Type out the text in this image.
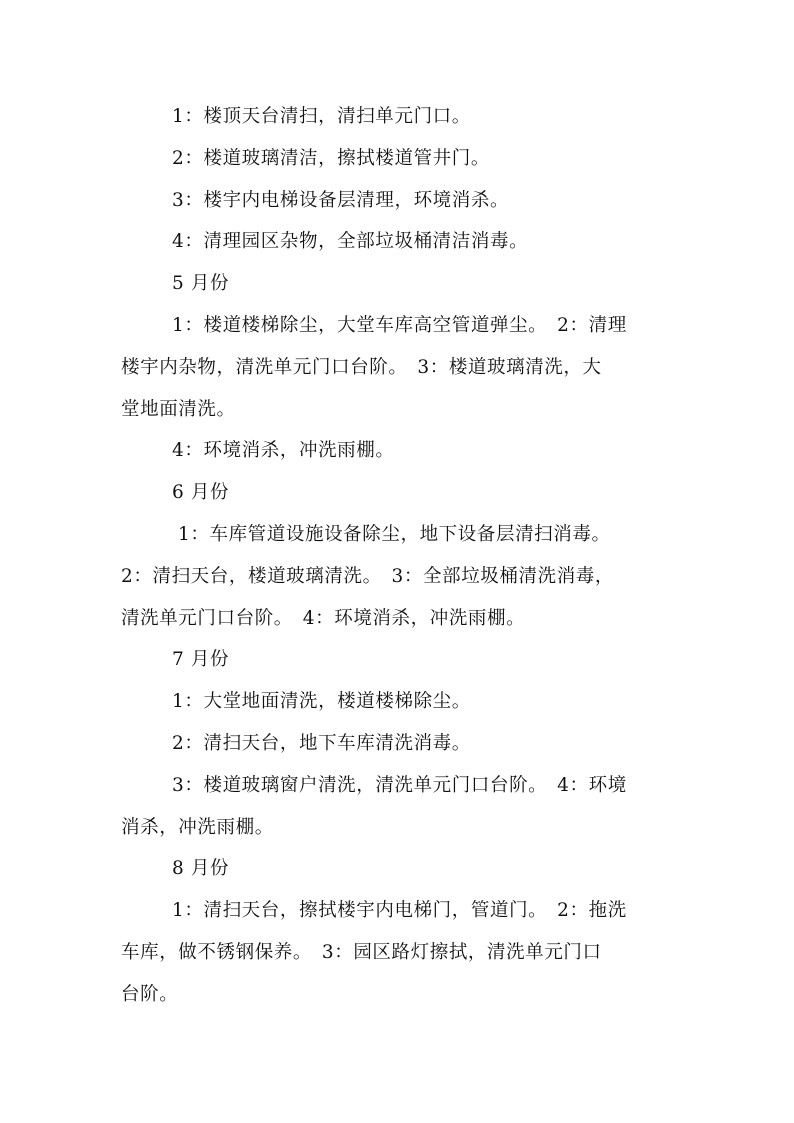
1：楼顶天台清扫，清扫单元门口。

2：楼道玻璃清洁，擦拭楼道管井门。

3：楼宇内电梯设备层清理，环境消杀。

4：清理园区杂物，全部垃圾桶清洁消毒。

5 月份

1：楼道楼梯除尘，大堂车库高空管道弹尘。　2：清理

楼宇内杂物，清洗单元门口台阶。　3：楼道玻璃清洗，大

堂地面清洗。

4：环境消杀，冲洗雨棚。

6 月份

1：车库管道设施设备除尘，地下设备层清扫消毒。

2：清扫天台，楼道玻璃清洗。　3：全部垃圾桶清洗消毒，

清洗单元门口台阶。　4：环境消杀，冲洗雨棚。

7 月份

1：大堂地面清洗，楼道楼梯除尘。

2：清扫天台，地下车库清洗消毒。

3：楼道玻璃窗户清洗，清洗单元门口台阶。　4：环境

消杀，冲洗雨棚。

8 月份

1：清扫天台，擦拭楼宇内电梯门，管道门。　2：拖洗

车库，做不锈钢保养。　3：园区路灯擦拭，清洗单元门口

台阶。
